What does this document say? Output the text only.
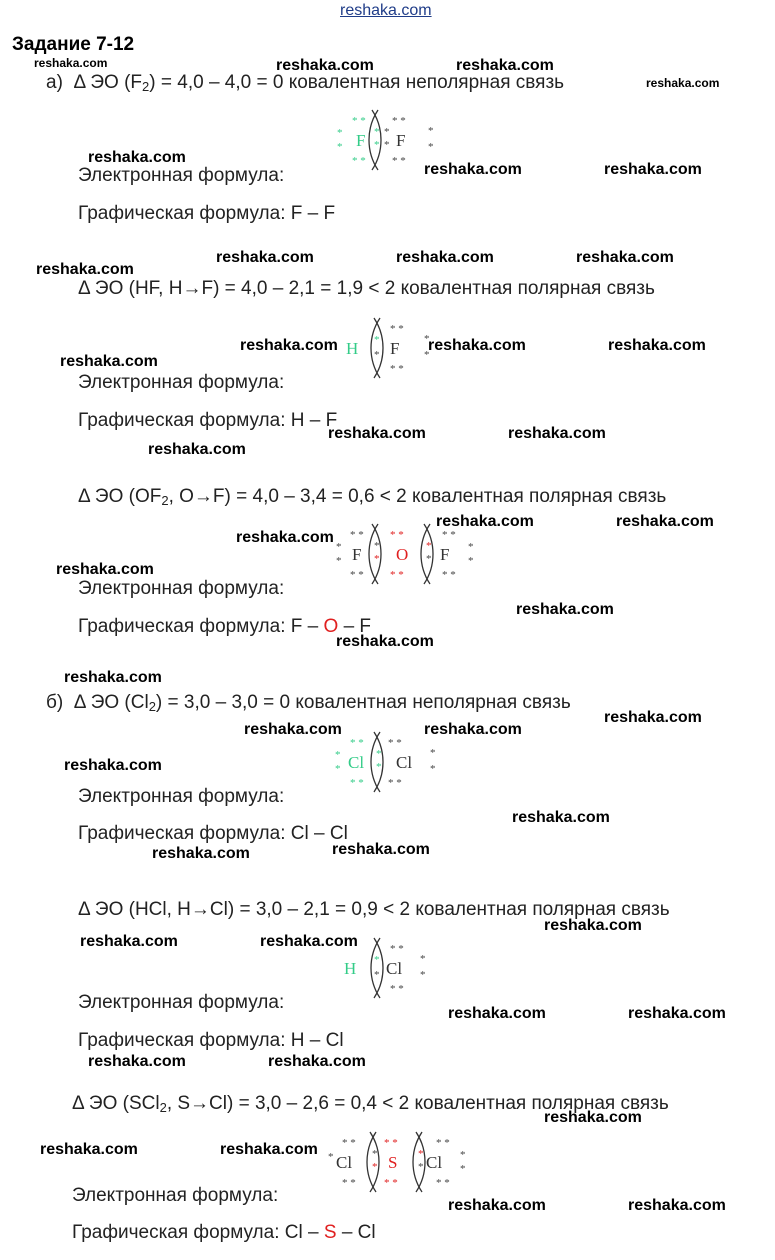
reshaka.com
Задание 7-12
а) Δ ЭО $(F_2) = 4,0 - 4,0 = 0$ ковалентная неполярная связь
*
*
* *
* *
*
*
*
*
* *
* *
*
*
F F
Электронная формула:
Графическая формула: F – F
Δ ЭО (HF, H→F) = 4,0 – 2,1 = 1,9 < 2 ковалентная полярная связь
*
*
* *
* *
*
*
H F
Электронная формула:
Графическая формула: H – F
Δ ЭО ($OF_2$, O→F) = 4,0 – 3,4 = 0,6 < 2 ковалентная полярная связь
*
*
* *
* *
*
*
* *
* *
*
*
*
* *
* *
*
F O F
Электронная формула:
Графическая формула: F – O – F
б) Δ ЭО $(Cl_2) = 3,0 - 3,0 = 0$ ковалентная неполярная связь
*
*
* *
* *
*
*
* *
* *
*
*
Cl Cl
Электронная формула:
Графическая формула: Cl – Cl
Δ ЭО (HCl, H→Cl) = 3,0 – 2,1 = 0,9 < 2 ковалентная полярная связь
*
*
* *
* *
*
*
H Cl
Электронная формула:
Графическая формула: H – Cl
Δ ЭО (SCl$_2$, S→Cl) = 3,0 – 2,6 = 0,4 < 2 ковалентная полярная связь
*
* *
* *
*
*
* *
* *
*
*
*
* *
* *
*
Cl S Cl
Электронная формула:
Графическая формула: Cl – S – Cl
reshaka.com	reshaka.com	reshaka.com
reshaka.com
reshaka.com
reshaka.com	reshaka.com
reshaka.com	reshaka.com	reshaka.com
reshaka.com
reshaka.com	reshaka.com	reshaka.com
reshaka.com
reshaka.com	reshaka.com
reshaka.com
reshaka.com	reshaka.com
reshaka.com
reshaka.com
reshaka.com
reshaka.com
reshaka.com
reshaka.com
reshaka.com	reshaka.com
reshaka.com
reshaka.com
reshaka.com
reshaka.com
reshaka.com
reshaka.com	reshaka.com
reshaka.com	reshaka.com
reshaka.com	reshaka.com
reshaka.com
reshaka.com	reshaka.com
reshaka.com	reshaka.com
